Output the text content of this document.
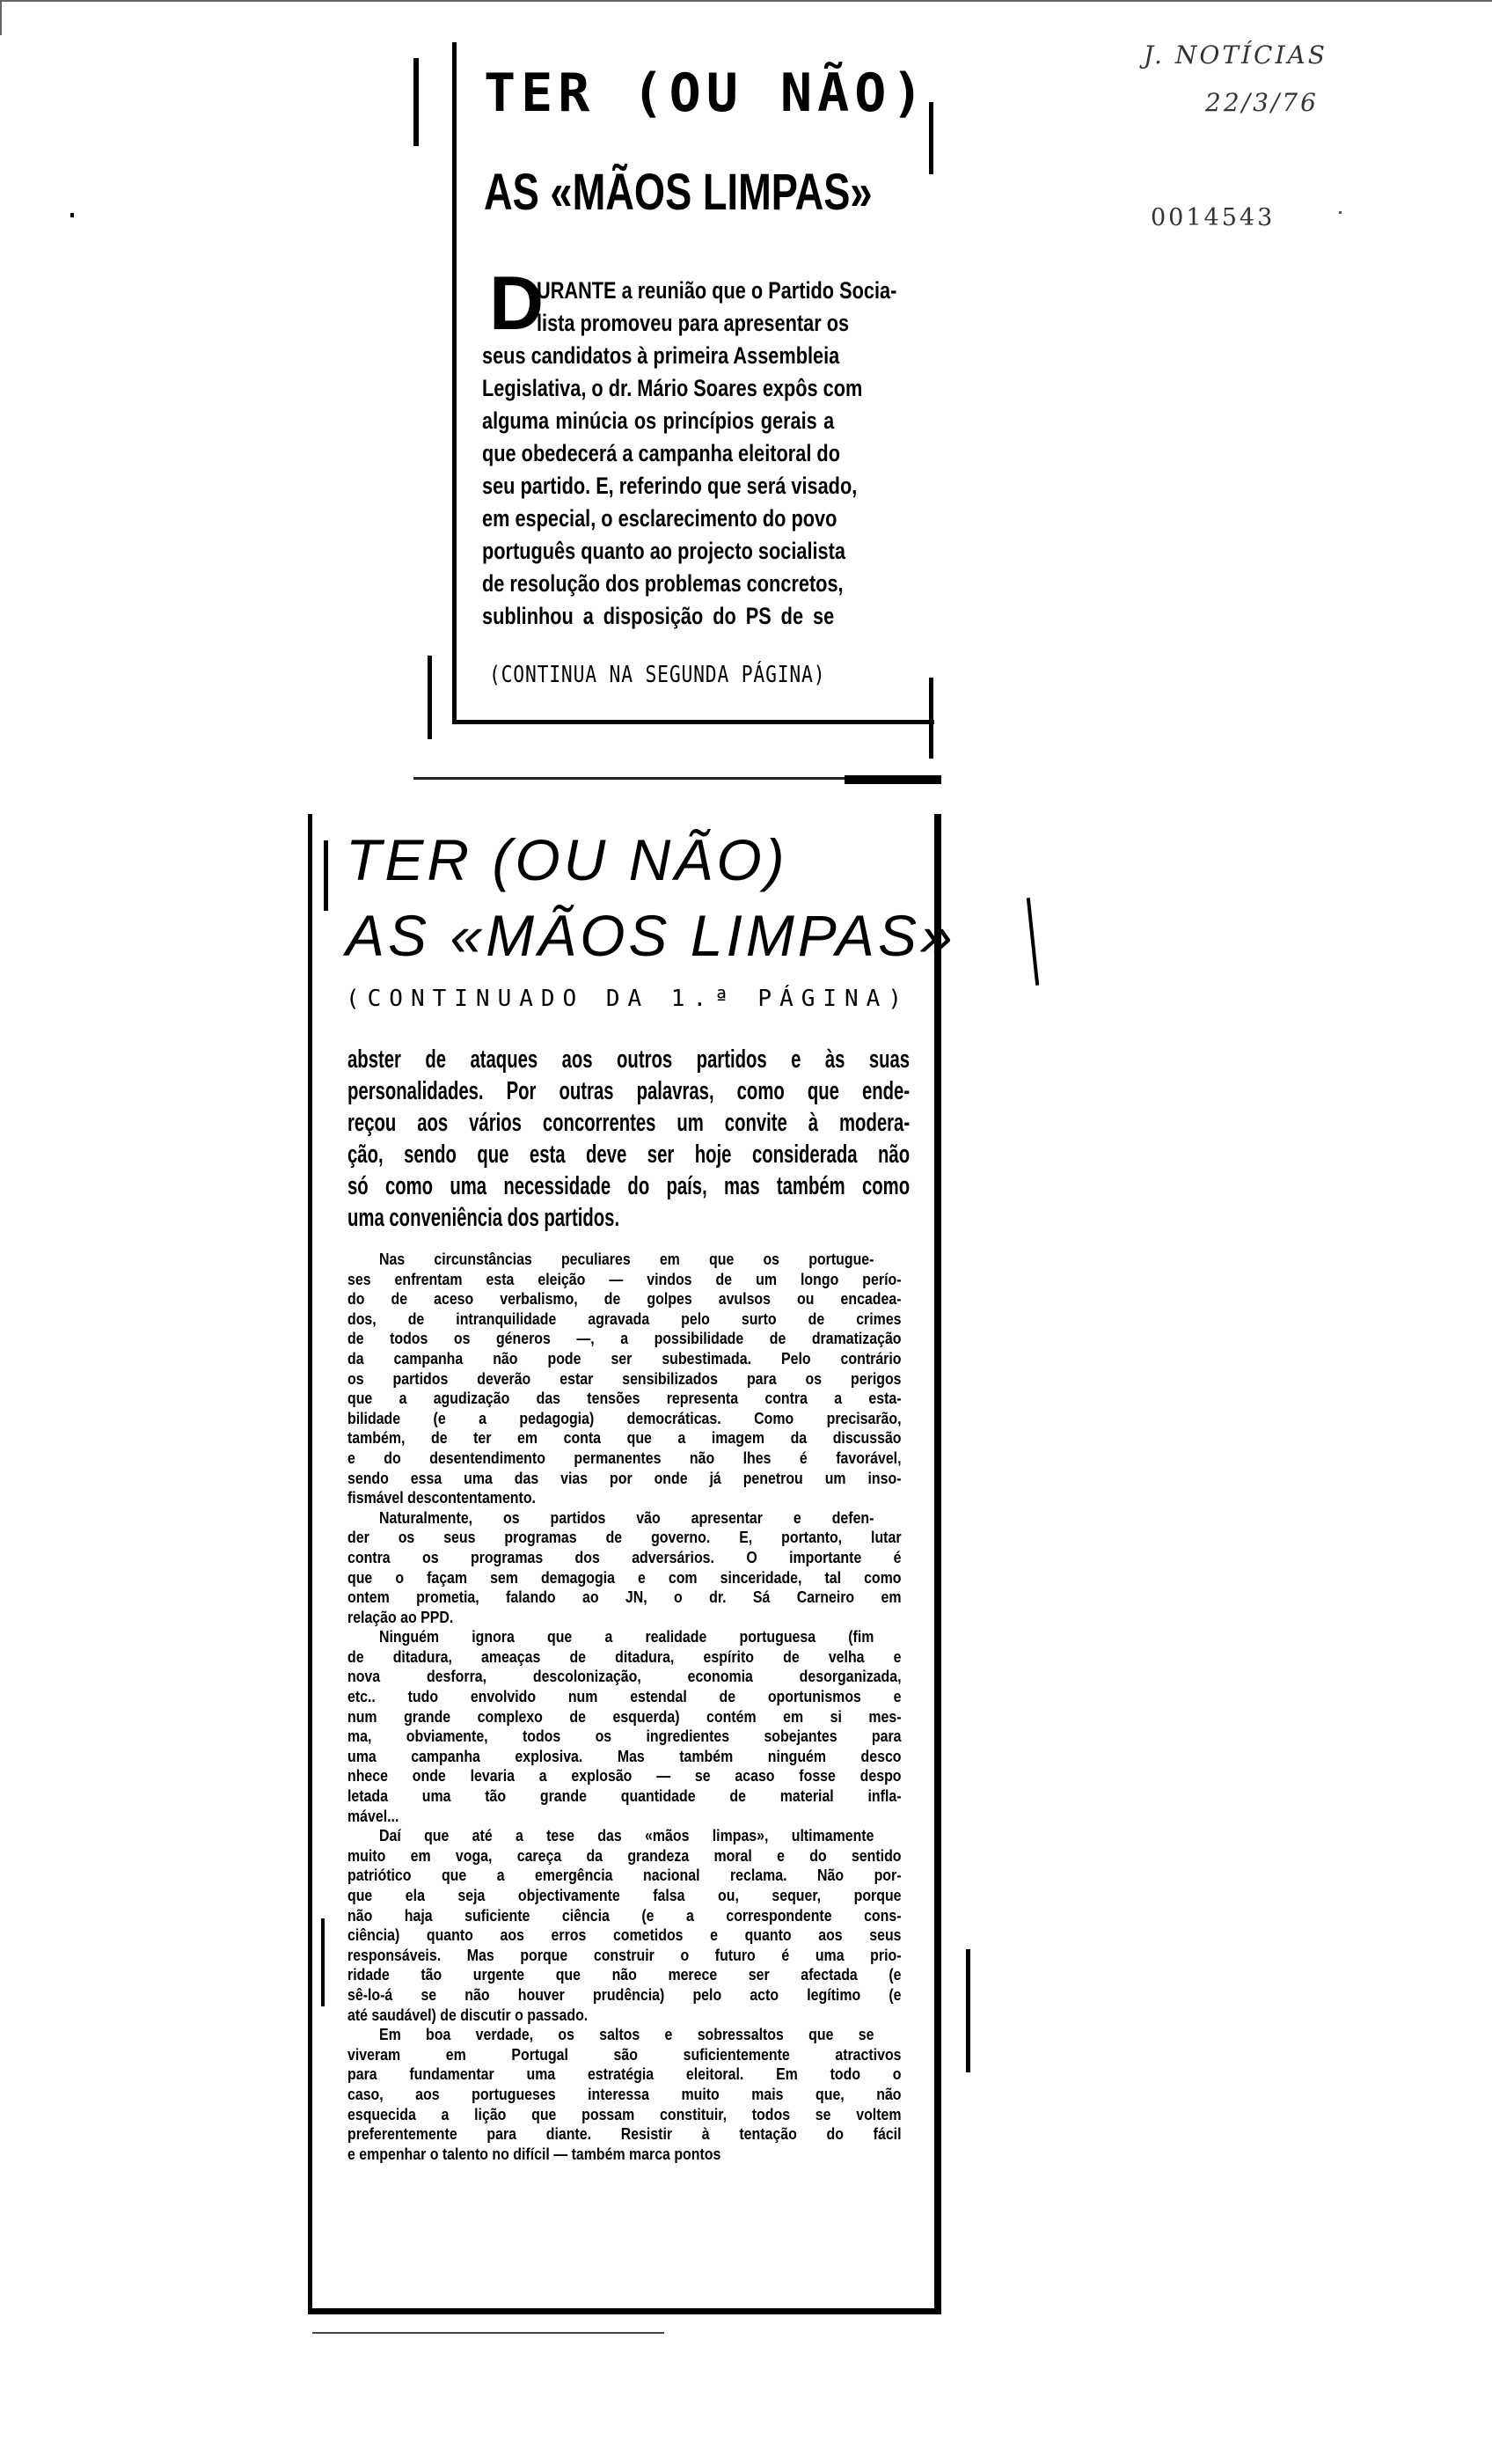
J. NOTÍCIAS
22/3/76
0014543
TER (OU NÃO)
AS «MÃOS LIMPAS»
D
URANTE a reunião que o Partido Socia-
lista promoveu para apresentar os
seus candidatos à primeira Assembleia
Legislativa, o dr. Mário Soares expôs com
alguma minúcia os princípios gerais a
que obedecerá a campanha eleitoral do
seu partido. E, referindo que será visado,
em especial, o esclarecimento do povo
português quanto ao projecto socialista
de resolução dos problemas concretos,
sublinhou a disposição do PS de se
(CONTINUA NA SEGUNDA PÁGINA)
TER (OU NÃO)
AS «MÃOS LIMPAS»
(CONTINUADO DA 1.ª PÁGINA)
abster de ataques aos outros partidos e às suas
personalidades. Por outras palavras, como que ende-
reçou aos vários concorrentes um convite à modera-
ção, sendo que esta deve ser hoje considerada não
só como uma necessidade do país, mas também como
uma conveniência dos partidos.
Nas circunstâncias peculiares em que os portugue-
ses enfrentam esta eleição — vindos de um longo perío-
do de aceso verbalismo, de golpes avulsos ou encadea-
dos, de intranquilidade agravada pelo surto de crimes
de todos os géneros —, a possibilidade de dramatização
da campanha não pode ser subestimada. Pelo contrário
os partidos deverão estar sensibilizados para os perigos
que a agudização das tensões representa contra a esta-
bilidade (e a pedagogia) democráticas. Como precisarão,
também, de ter em conta que a imagem da discussão
e do desentendimento permanentes não lhes é favorável,
sendo essa uma das vias por onde já penetrou um inso-
fismável descontentamento.
Naturalmente, os partidos vão apresentar e defen-
der os seus programas de governo. E, portanto, lutar
contra os programas dos adversários. O importante é
que o façam sem demagogia e com sinceridade, tal como
ontem prometia, falando ao JN, o dr. Sá Carneiro em
relação ao PPD.
Ninguém ignora que a realidade portuguesa (fim
de ditadura, ameaças de ditadura, espírito de velha e
nova desforra, descolonização, economia desorganizada,
etc.. tudo envolvido num estendal de oportunismos e
num grande complexo de esquerda) contém em si mes-
ma, obviamente, todos os ingredientes sobejantes para
uma campanha explosiva. Mas também ninguém desco
nhece onde levaria a explosão — se acaso fosse despo
letada uma tão grande quantidade de material infla-
mável...
Daí que até a tese das «mãos limpas», ultimamente
muito em voga, careça da grandeza moral e do sentido
patriótico que a emergência nacional reclama. Não por-
que ela seja objectivamente falsa ou, sequer, porque
não haja suficiente ciência (e a correspondente cons-
ciência) quanto aos erros cometidos e quanto aos seus
responsáveis. Mas porque construir o futuro é uma prio-
ridade tão urgente que não merece ser afectada (e
sê-lo-á se não houver prudência) pelo acto legítimo (e
até saudável) de discutir o passado.
Em boa verdade, os saltos e sobressaltos que se
viveram em Portugal são suficientemente atractivos
para fundamentar uma estratégia eleitoral. Em todo o
caso, aos portugueses interessa muito mais que, não
esquecida a lição que possam constituir, todos se voltem
preferentemente para diante. Resistir à tentação do fácil
e empenhar o talento no difícil — também marca pontos
